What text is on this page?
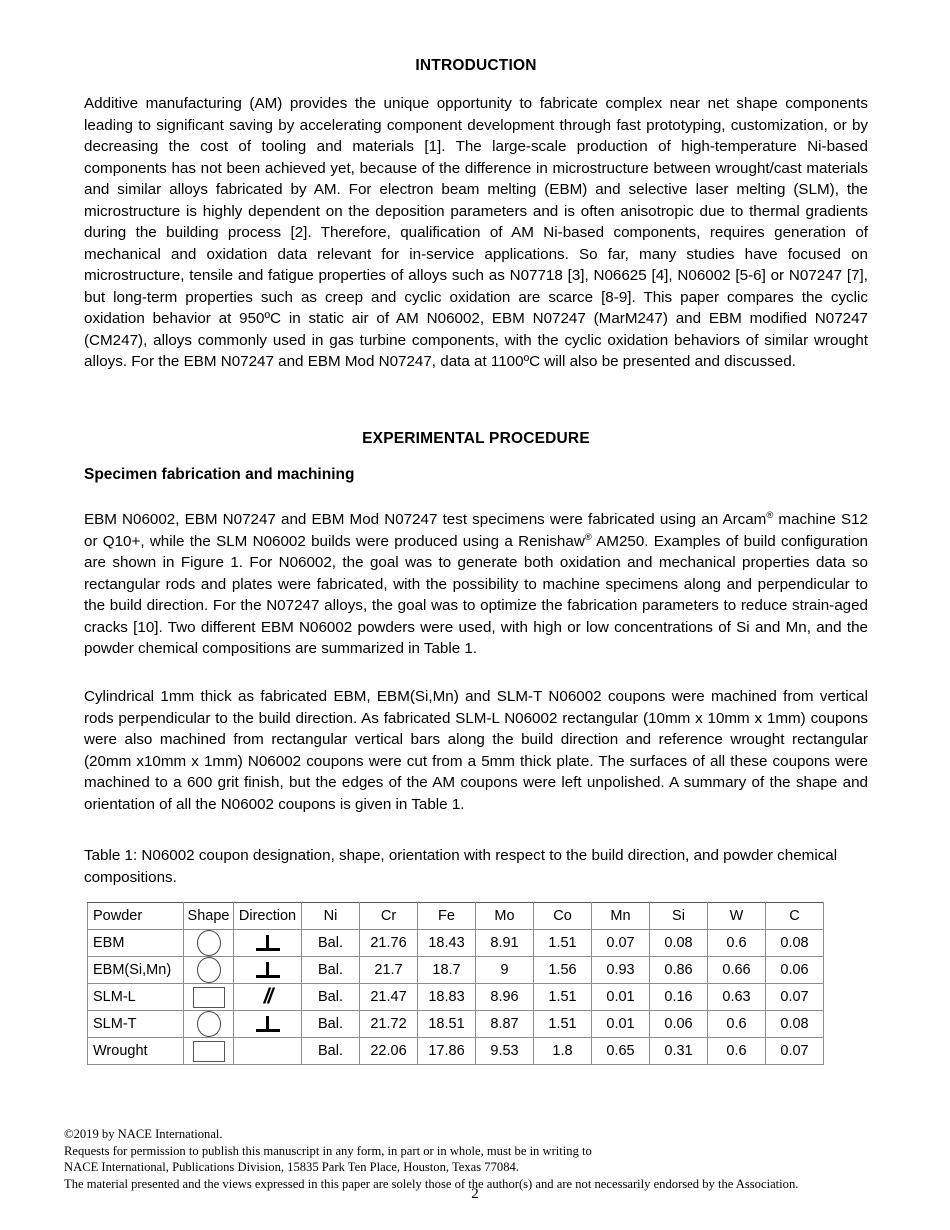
INTRODUCTION

Additive manufacturing (AM) provides the unique opportunity to fabricate complex near net shape components leading to significant saving by accelerating component development through fast prototyping, customization, or by decreasing the cost of tooling and materials [1]. The large-scale production of high-temperature Ni-based components has not been achieved yet, because of the difference in microstructure between wrought/cast materials and similar alloys fabricated by AM. For electron beam melting (EBM) and selective laser melting (SLM), the microstructure is highly dependent on the deposition parameters and is often anisotropic due to thermal gradients during the building process [2]. Therefore, qualification of AM Ni-based components, requires generation of mechanical and oxidation data relevant for in-service applications. So far, many studies have focused on microstructure, tensile and fatigue properties of alloys such as N07718 [3], N06625 [4], N06002 [5-6] or N07247 [7], but long-term properties such as creep and cyclic oxidation are scarce [8-9]. This paper compares the cyclic oxidation behavior at 950ºC in static air of AM N06002, EBM N07247 (MarM247) and EBM modified N07247 (CM247), alloys commonly used in gas turbine components, with the cyclic oxidation behaviors of similar wrought alloys. For the EBM N07247 and EBM Mod N07247, data at 1100ºC will also be presented and discussed.

EXPERIMENTAL PROCEDURE
Specimen fabrication and machining

EBM N06002, EBM N07247 and EBM Mod N07247 test specimens were fabricated using an Arcam® machine S12 or Q10+, while the SLM N06002 builds were produced using a Renishaw® AM250. Examples of build configuration are shown in Figure 1. For N06002, the goal was to generate both oxidation and mechanical properties data so rectangular rods and plates were fabricated, with the possibility to machine specimens along and perpendicular to the build direction. For the N07247 alloys, the goal was to optimize the fabrication parameters to reduce strain-aged cracks [10]. Two different EBM N06002 powders were used, with high or low concentrations of Si and Mn, and the powder chemical compositions are summarized in Table 1.

Cylindrical 1mm thick as fabricated EBM, EBM(Si,Mn) and SLM-T N06002 coupons were machined from vertical rods perpendicular to the build direction. As fabricated SLM-L N06002 rectangular (10mm x 10mm x 1mm) coupons were also machined from rectangular vertical bars along the build direction and reference wrought rectangular (20mm x10mm x 1mm) N06002 coupons were cut from a 5mm thick plate. The surfaces of all these coupons were machined to a 600 grit finish, but the edges of the AM coupons were left unpolished. A summary of the shape and orientation of all the N06002 coupons is given in Table 1.

Table 1: N06002 coupon designation, shape, orientation with respect to the build direction, and powder chemical compositions.

Powder	Shape	Direction	Ni	Cr	Fe	Mo	Co	Mn	Si	W	C
EBM			Bal.	21.76	18.43	8.91	1.51	0.07	0.08	0.6	0.08
EBM(Si,Mn)			Bal.	21.7	18.7	9	1.56	0.93	0.86	0.66	0.06
SLM-L		//	Bal.	21.47	18.83	8.96	1.51	0.01	0.16	0.63	0.07
SLM-T			Bal.	21.72	18.51	8.87	1.51	0.01	0.06	0.6	0.08
Wrought			Bal.	22.06	17.86	9.53	1.8	0.65	0.31	0.6	0.07
©2019 by NACE International.
Requests for permission to publish this manuscript in any form, in part or in whole, must be in writing to
NACE International, Publications Division, 15835 Park Ten Place, Houston, Texas 77084.
The material presented and the views expressed in this paper are solely those of the author(s) and are not necessarily endorsed by the Association.
2
